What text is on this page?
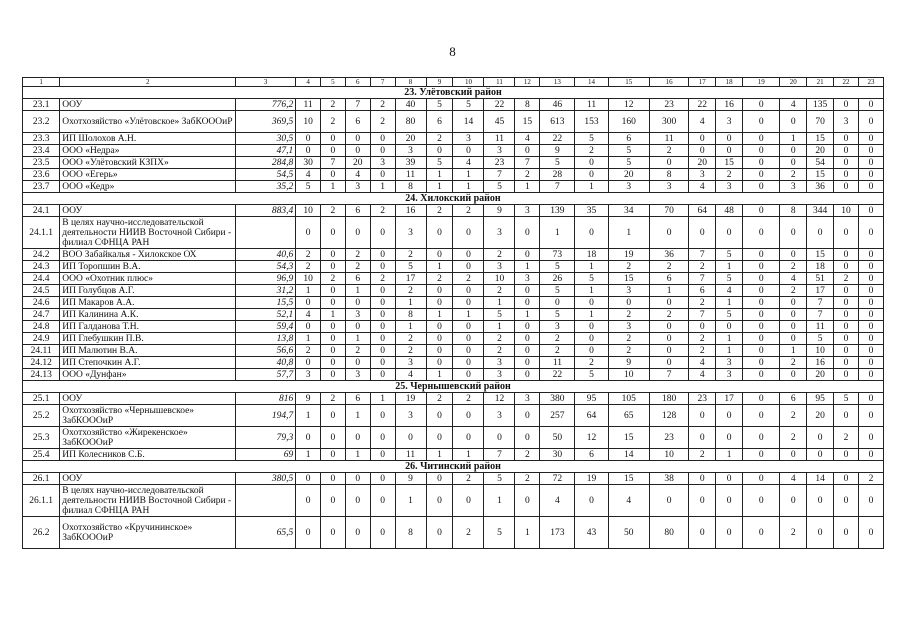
8
1	2	3	4	5	6	7	8	9	10	11	12	13	14	15	16	17	18	19	20	21	22	23
23. Улётовский район																						
23.1	ООУ	776,2	11	2	7	2	40	5	5	22	8	46	11	12	23	22	16	0	4	135	0	0
23.2	Охотхозяйство «Улётовское» ЗабКОООиР	369,5	10	2	6	2	80	6	14	45	15	613	153	160	300	4	3	0	0	70	3	0
23.3	ИП Шолохов А.Н.	30,5	0	0	0	0	20	2	3	11	4	22	5	6	11	0	0	0	1	15	0	0
23.4	ООО «Недра»	47,1	0	0	0	0	3	0	0	3	0	9	2	5	2	0	0	0	0	20	0	0
23.5	ООО «Улётовский КЗПХ»	284,8	30	7	20	3	39	5	4	23	7	5	0	5	0	20	15	0	0	54	0	0
23.6	ООО «Егерь»	54,5	4	0	4	0	11	1	1	7	2	28	0	20	8	3	2	0	2	15	0	0
23.7	ООО «Кедр»	35,2	5	1	3	1	8	1	1	5	1	7	1	3	3	4	3	0	3	36	0	0
24. Хилокский район																						
24.1	ООУ	883,4	10	2	6	2	16	2	2	9	3	139	35	34	70	64	48	0	8	344	10	0
24.1.1	В целях научно-исследовательской деятельности НИИВ Восточной Сибири - филиал СФНЦА РАН		0	0	0	0	3	0	0	3	0	1	0	1	0	0	0	0	0	0	0	0
24.2	ВОО Забайкалья - Хилокское ОХ	40,6	2	0	2	0	2	0	0	2	0	73	18	19	36	7	5	0	0	15	0	0
24.3	ИП Торопшин В.А.	54,3	2	0	2	0	5	1	0	3	1	5	1	2	2	2	1	0	2	18	0	0
24.4	ООО «Охотник плюс»	96,9	10	2	6	2	17	2	2	10	3	26	5	15	6	7	5	0	4	51	2	0
24.5	ИП Голубцов А.Г.	31,2	1	0	1	0	2	0	0	2	0	5	1	3	1	6	4	0	2	17	0	0
24.6	ИП Макаров А.А.	15,5	0	0	0	0	1	0	0	1	0	0	0	0	0	2	1	0	0	7	0	0
24.7	ИП Калинина А.К.	52,1	4	1	3	0	8	1	1	5	1	5	1	2	2	7	5	0	0	7	0	0
24.8	ИП Галданова Т.Н.	59,4	0	0	0	0	1	0	0	1	0	3	0	3	0	0	0	0	0	11	0	0
24.9	ИП Глебушкин П.В.	13,8	1	0	1	0	2	0	0	2	0	2	0	2	0	2	1	0	0	5	0	0
24.11	ИП Малютин В.А.	56,6	2	0	2	0	2	0	0	2	0	2	0	2	0	2	1	0	1	10	0	0
24.12	ИП Степочкин А.Г.	40,8	0	0	0	0	3	0	0	3	0	11	2	9	0	4	3	0	2	16	0	0
24.13	ООО «Дунфан»	57,7	3	0	3	0	4	1	0	3	0	22	5	10	7	4	3	0	0	20	0	0
25. Чернышевский район																						
25.1	ООУ	816	9	2	6	1	19	2	2	12	3	380	95	105	180	23	17	0	6	95	5	0
25.2	Охотхозяйство «Чернышевское» ЗабКОООиР	194,7	1	0	1	0	3	0	0	3	0	257	64	65	128	0	0	0	2	20	0	0
25.3	Охотхозяйство «Жирекенское» ЗабКОООиР	79,3	0	0	0	0	0	0	0	0	0	50	12	15	23	0	0	0	2	0	2	0
25.4	ИП Колесников С.Б.	69	1	0	1	0	11	1	1	7	2	30	6	14	10	2	1	0	0	0	0	0
26. Читинский район																						
26.1	ООУ	380,5	0	0	0	0	9	0	2	5	2	72	19	15	38	0	0	0	4	14	0	2
26.1.1	В целях научно-исследовательской деятельности НИИВ Восточной Сибири - филиал СФНЦА РАН		0	0	0	0	1	0	0	1	0	4	0	4	0	0	0	0	0	0	0	0
26.2	Охотхозяйство «Кручининское» ЗабКОООиР	65,5	0	0	0	0	8	0	2	5	1	173	43	50	80	0	0	0	2	0	0	0
